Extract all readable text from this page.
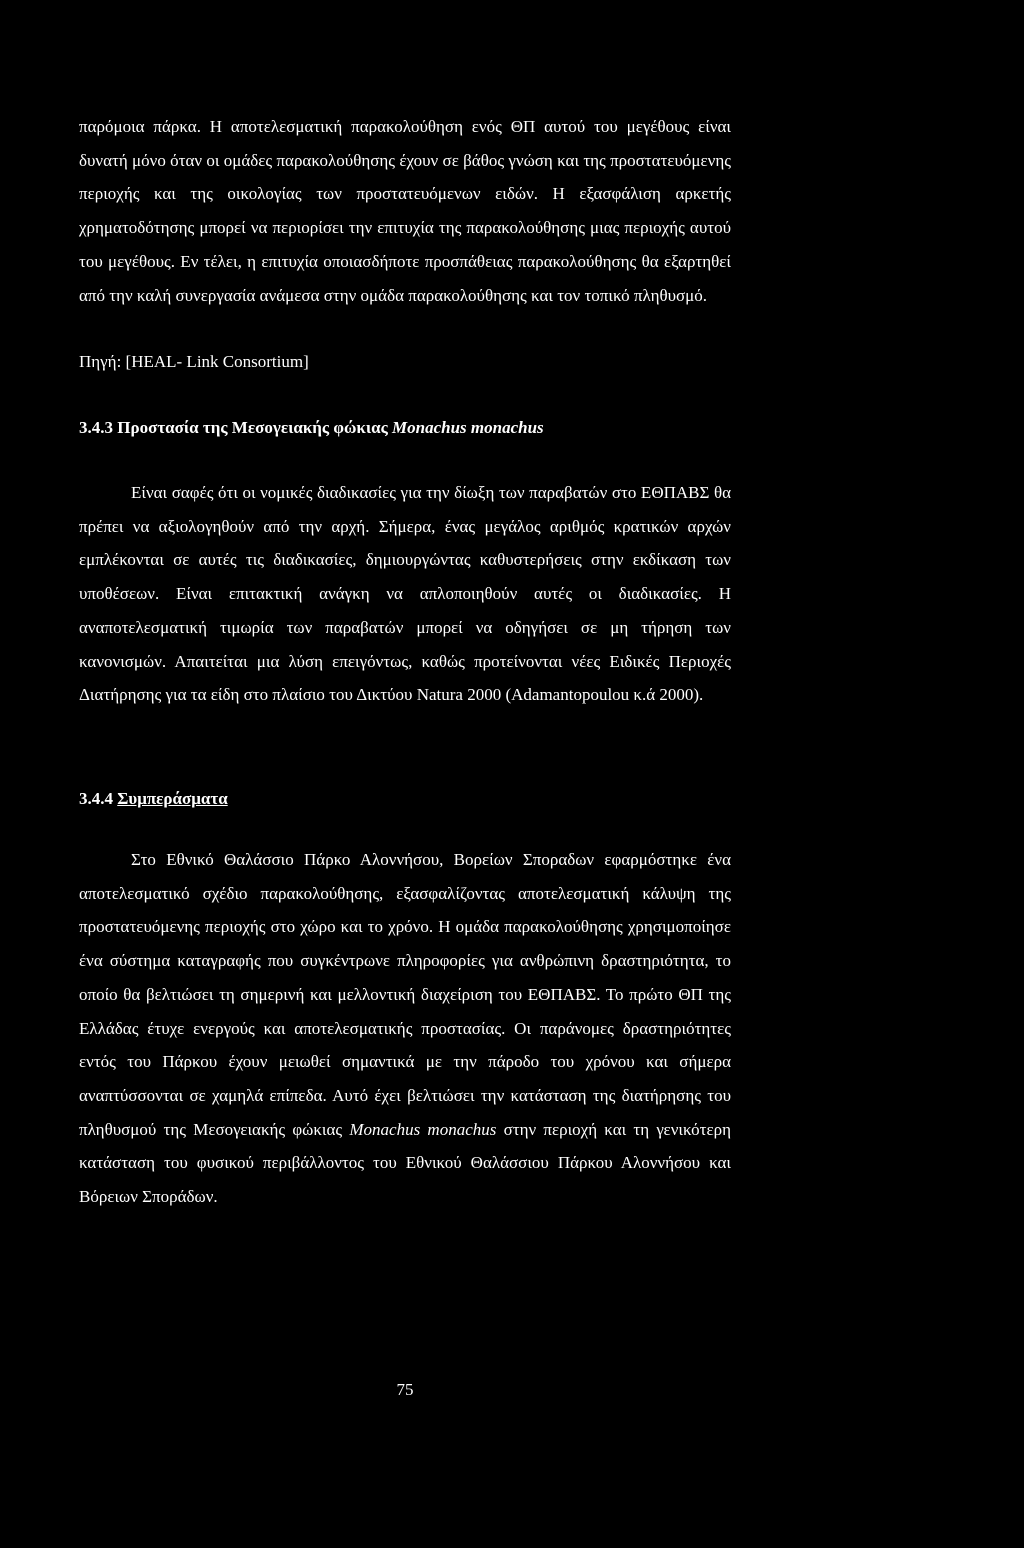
παρόμοια πάρκα. Η αποτελεσματική παρακολούθηση ενός ΘΠ αυτού του μεγέθους είναι δυνατή μόνο όταν οι ομάδες παρακολούθησης έχουν σε βάθος γνώση και της προστατευόμενης περιοχής και της οικολογίας των προστατευόμενων ειδών. Η εξασφάλιση αρκετής χρηματοδότησης μπορεί να περιορίσει την επιτυχία της παρακολούθησης μιας περιοχής αυτού του μεγέθους. Εν τέλει, η επιτυχία οποιασδήποτε προσπάθειας παρακολούθησης θα εξαρτηθεί από την καλή συνεργασία ανάμεσα στην ομάδα παρακολούθησης και τον τοπικό πληθυσμό.

Πηγή: [HEAL- Link Consortium]

3.4.3 Προστασία της Μεσογειακής φώκιας Monachus monachus

Είναι σαφές ότι οι νομικές διαδικασίες για την δίωξη των παραβατών στο ΕΘΠΑΒΣ θα πρέπει να αξιολογηθούν από την αρχή. Σήμερα, ένας μεγάλος αριθμός κρατικών αρχών εμπλέκονται σε αυτές τις διαδικασίες, δημιουργώντας καθυστερήσεις στην εκδίκαση των υποθέσεων. Είναι επιτακτική ανάγκη να απλοποιηθούν αυτές οι διαδικασίες. Η αναποτελεσματική τιμωρία των παραβατών μπορεί να οδηγήσει σε μη τήρηση των κανονισμών. Απαιτείται μια λύση επειγόντως, καθώς προτείνονται νέες Ειδικές Περιοχές Διατήρησης για τα είδη στο πλαίσιο του Δικτύου Natura 2000 (Adamantopoulou κ.ά 2000).

3.4.4 Συμπεράσματα

Στο Εθνικό Θαλάσσιο Πάρκο Αλοννήσου, Βορείων Σποραδων εφαρμόστηκε ένα αποτελεσματικό σχέδιο παρακολούθησης, εξασφαλίζοντας αποτελεσματική κάλυψη της προστατευόμενης περιοχής στο χώρο και το χρόνο. Η ομάδα παρακολούθησης χρησιμοποίησε ένα σύστημα καταγραφής που συγκέντρωνε πληροφορίες για ανθρώπινη δραστηριότητα, το οποίο θα βελτιώσει τη σημερινή και μελλοντική διαχείριση του ΕΘΠΑΒΣ. Το πρώτο ΘΠ της Ελλάδας έτυχε ενεργούς και αποτελεσματικής προστασίας. Οι παράνομες δραστηριότητες εντός του Πάρκου έχουν μειωθεί σημαντικά με την πάροδο του χρόνου και σήμερα αναπτύσσονται σε χαμηλά επίπεδα. Αυτό έχει βελτιώσει την κατάσταση της διατήρησης του πληθυσμού της Μεσογειακής φώκιας Monachus monachus στην περιοχή και τη γενικότερη κατάσταση του φυσικού περιβάλλοντος του Εθνικού Θαλάσσιου Πάρκου Αλοννήσου και Βόρειων Σποράδων.

75
